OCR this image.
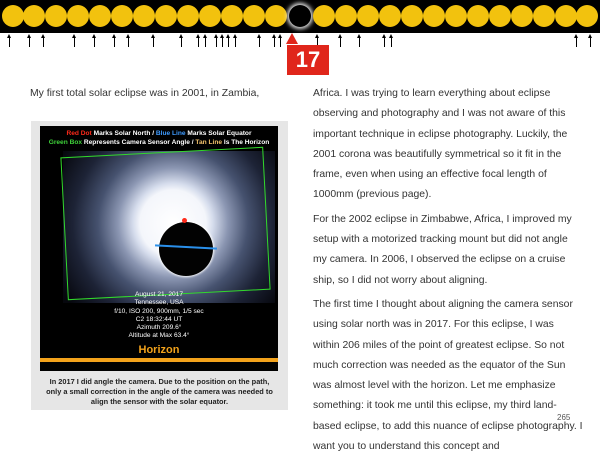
17

My first total solar eclipse was in 2001, in Zambia,

Red Dot Marks Solar North / Blue Line Marks Solar Equator
Green Box Represents Camera Sensor Angle / Tan Line Is The Horizon
August 21, 2017
Tennessee, USA
f/10, ISO 200, 900mm, 1/5 sec
C2 18:32:44 UT
Azimuth 209.6°
Altitude at Max 63.4°
Horizon
In 2017 I did angle the camera. Due to the position on the path, only a small correction in the angle of the camera was needed to align the sensor with the solar equator.

Africa. I was trying to learn everything about eclipse observing and photography and I was not aware of this important technique in eclipse photography. Luckily, the 2001 corona was beautifully symmetrical so it fit in the frame, even when using an effective focal length of 1000mm (previous page).

For the 2002 eclipse in Zimbabwe, Africa, I improved my setup with a motorized tracking mount but did not angle my camera. In 2006, I observed the eclipse on a cruise ship, so I did not worry about aligning.

The first time I thought about aligning the camera sensor using solar north was in 2017. For this eclipse, I was within 206 miles of the point of greatest eclipse. So not much correction was needed as the equator of the Sun was almost level with the horizon. Let me emphasize something: it took me until this eclipse, my third land-based eclipse, to add this nuance of eclipse photography. I want you to understand this concept and

265
